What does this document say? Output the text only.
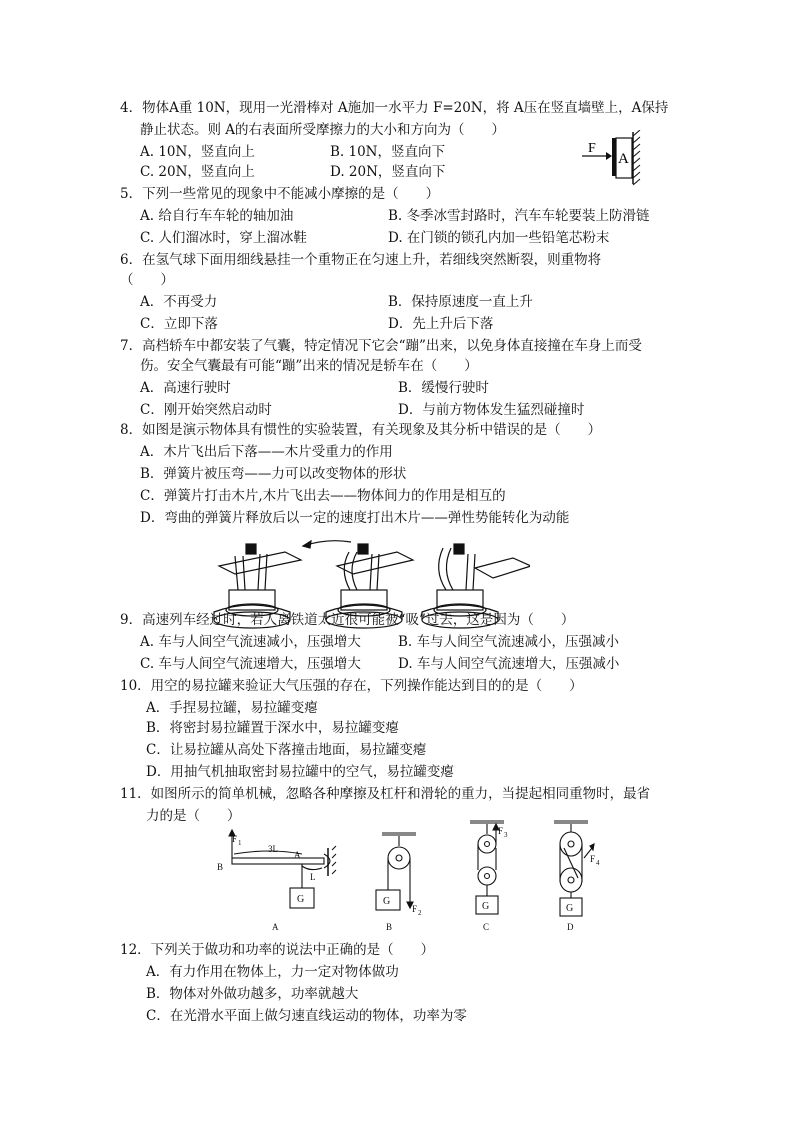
4．物体A重 10N，现用一光滑棒对 A施加一水平力 F=20N，将 A压在竖直墙壁上，A保持
静止状态。则 A的右表面所受摩擦力的大小和方向为（　　）
A. 10N，竖直向上	B. 10N，竖直向下
C. 20N，竖直向上	D. 20N，竖直向下
F
A
5．下列一些常见的现象中不能减小摩擦的是（　　）
A. 给自行车车轮的轴加油	B. 冬季冰雪封路时，汽车车轮要装上防滑链
C. 人们溜冰时，穿上溜冰鞋	D. 在门锁的锁孔内加一些铅笔芯粉末
6．在氢气球下面用细线悬挂一个重物正在匀速上升，若细线突然断裂，则重物将
（　　）
A．不再受力	B．保持原速度一直上升
C．立即下落	D．先上升后下落
7．高档轿车中都安装了气囊，特定情况下它会“蹦”出来，以免身体直接撞在车身上而受
伤。安全气囊最有可能“蹦”出来的情况是轿车在（　　）
A．高速行驶时	B．缓慢行驶时
C．刚开始突然启动时	D．与前方物体发生猛烈碰撞时
8．如图是演示物体具有惯性的实验装置，有关现象及其分析中错误的是（　　）
A．木片飞出后下落——木片受重力的作用
B．弹簧片被压弯——力可以改变物体的形状
C．弹簧片打击木片,木片飞出去——物体间力的作用是相互的
D．弯曲的弹簧片释放后以一定的速度打出木片——弹性势能转化为动能
9．高速列车经过时，若人离铁道太近很可能被“吸”过去，这是因为（　　）
A. 车与人间空气流速减小，压强增大	B. 车与人间空气流速减小，压强减小
C. 车与人间空气流速增大，压强增大	D. 车与人间空气流速增大，压强减小
10．用空的易拉罐来验证大气压强的存在，下列操作能达到目的的是（　　）
A．手捏易拉罐，易拉罐变瘪
B．将密封易拉罐置于深水中，易拉罐变瘪
C．让易拉罐从高处下落撞击地面，易拉罐变瘪
D．用抽气机抽取密封易拉罐中的空气，易拉罐变瘪
11．如图所示的简单机械，忽略各种摩擦及杠杆和滑轮的重力，当提起相同重物时，最省
力的是（　　）
F 1
3L
B
A
L
G
A
F 2
G
B
F 3
G
C
F 4
G
D
12．下列关于做功和功率的说法中正确的是（　　）
A．有力作用在物体上，力一定对物体做功
B．物体对外做功越多，功率就越大
C．在光滑水平面上做匀速直线运动的物体，功率为零
